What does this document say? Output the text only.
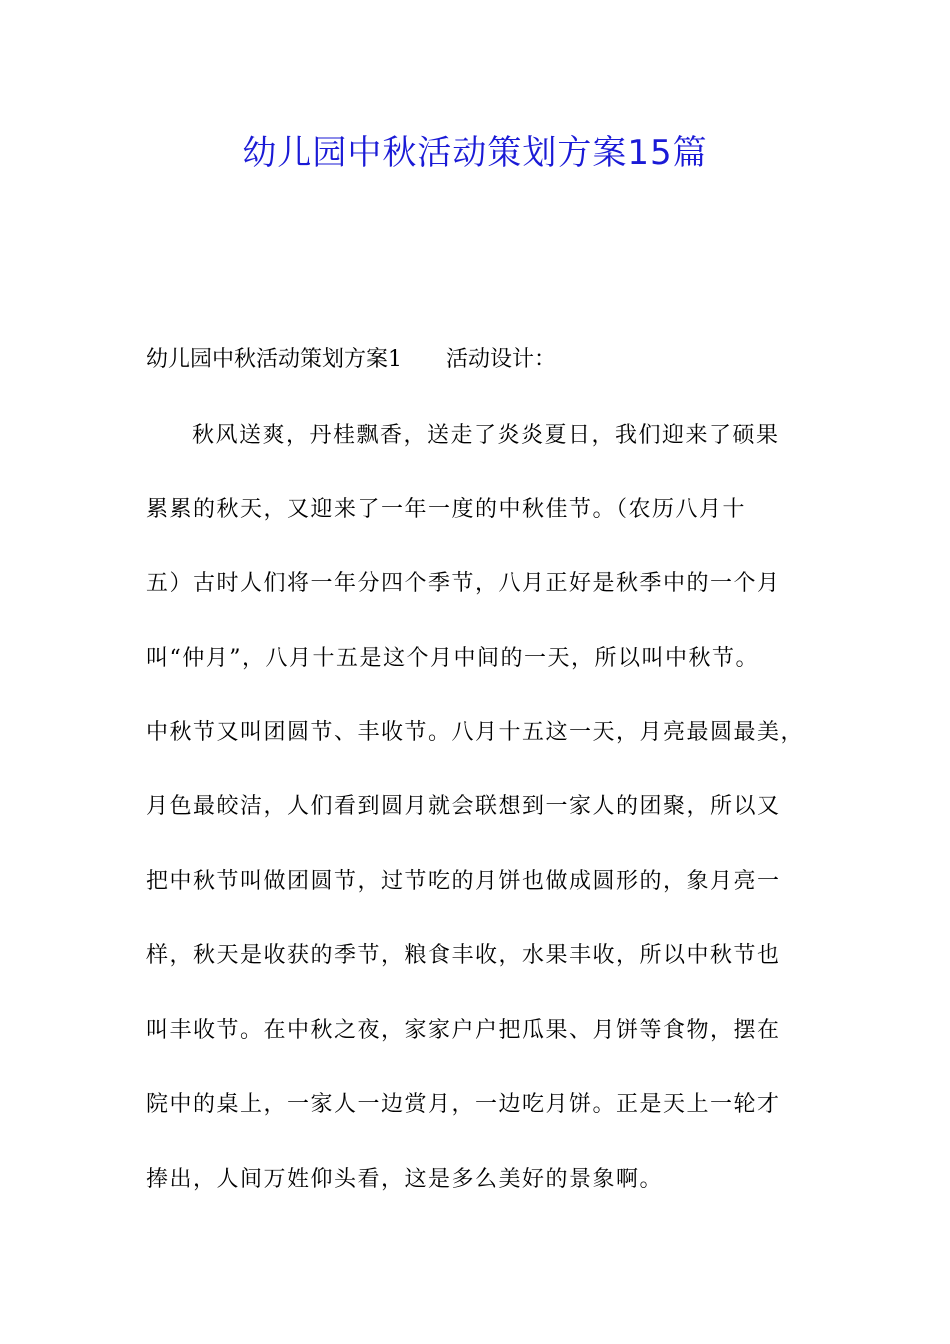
幼儿园中秋活动策划方案15篇
幼儿园中秋活动策划方案1 活动设计：
秋风送爽，丹桂飘香，送走了炎炎夏日，我们迎来了硕果
累累的秋天，又迎来了一年一度的中秋佳节。（农历八月十
五）古时人们将一年分四个季节，八月正好是秋季中的一个月
叫“仲月”，八月十五是这个月中间的一天，所以叫中秋节。
中秋节又叫团圆节、丰收节。八月十五这一天，月亮最圆最美，
月色最皎洁，人们看到圆月就会联想到一家人的团聚，所以又
把中秋节叫做团圆节，过节吃的月饼也做成圆形的，象月亮一
样，秋天是收获的季节，粮食丰收，水果丰收，所以中秋节也
叫丰收节。在中秋之夜，家家户户把瓜果、月饼等食物，摆在
院中的桌上，一家人一边赏月，一边吃月饼。正是天上一轮才
捧出，人间万姓仰头看，这是多么美好的景象啊。
